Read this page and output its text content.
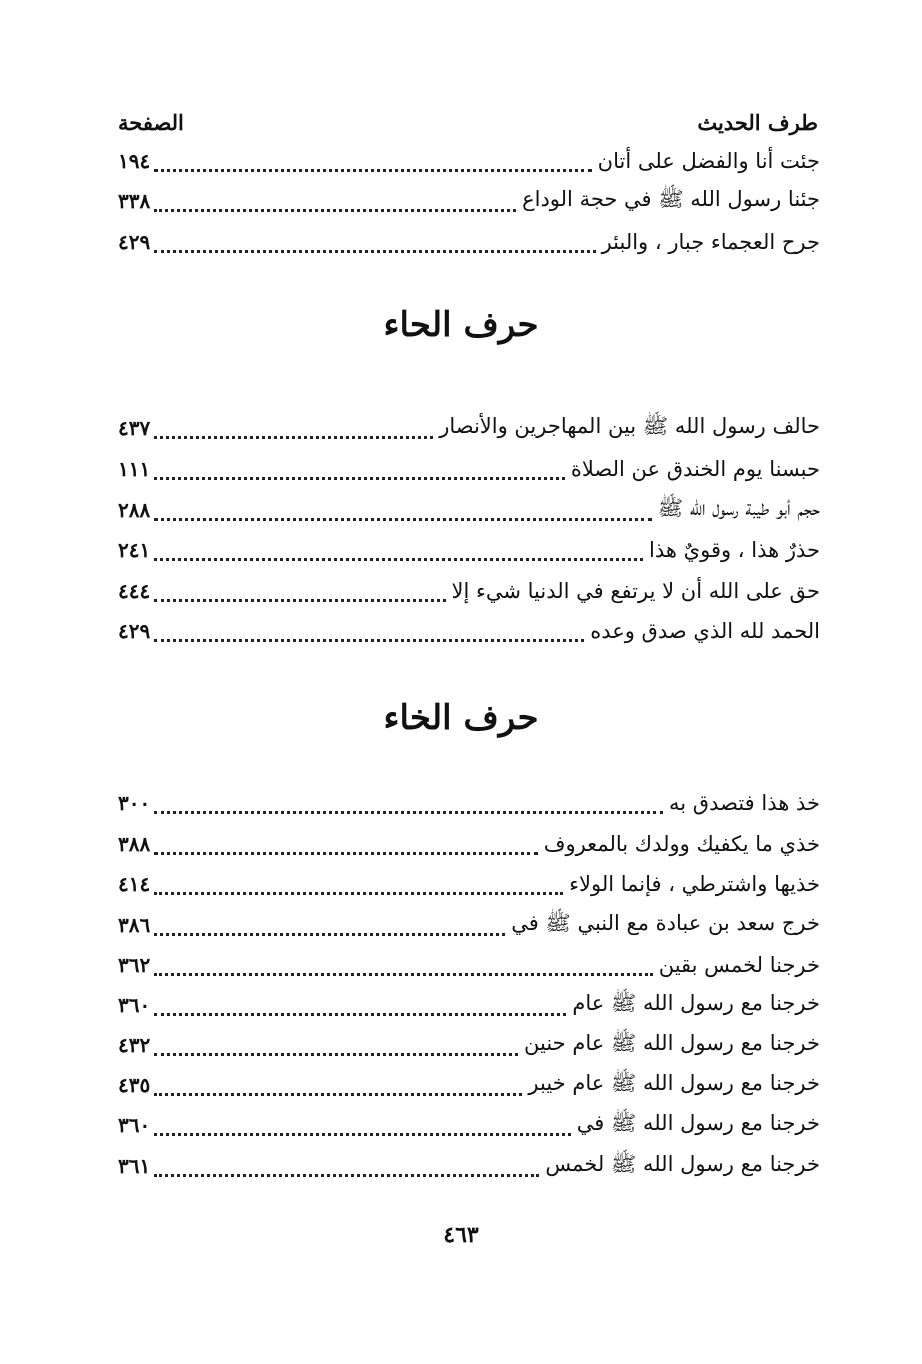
طرف الحديث
الصفحة
جئت أنا والفضل على أتان
١٩٤
جئنا رسول الله ﷺ في حجة الوداع
٣٣٨
جرح العجماء جبار ، والبئر
٤٢٩
حرف الحاء
حالف رسول الله ﷺ بين المهاجرين والأنصار
٤٣٧
حبسنا يوم الخندق عن الصلاة
١١١
حجم أبو طيبة رسول الله ﷺ
٢٨٨
حذرٌ هذا ، وقويٌ هذا
٢٤١
حق على الله أن لا يرتفع في الدنيا شيء إلا
٤٤٤
الحمد لله الذي صدق وعده
٤٢٩
حرف الخاء
خذ هذا فتصدق به
٣٠٠
خذي ما يكفيك وولدك بالمعروف
٣٨٨
خذيها واشترطي ، فإنما الولاء
٤١٤
خرج سعد بن عبادة مع النبي ﷺ في
٣٨٦
خرجنا لخمس بقين
٣٦٢
خرجنا مع رسول الله ﷺ عام
٣٦٠
خرجنا مع رسول الله ﷺ عام حنين
٤٣٢
خرجنا مع رسول الله ﷺ عام خيبر
٤٣٥
خرجنا مع رسول الله ﷺ في
٣٦٠
خرجنا مع رسول الله ﷺ لخمس
٣٦١
٤٦٣
